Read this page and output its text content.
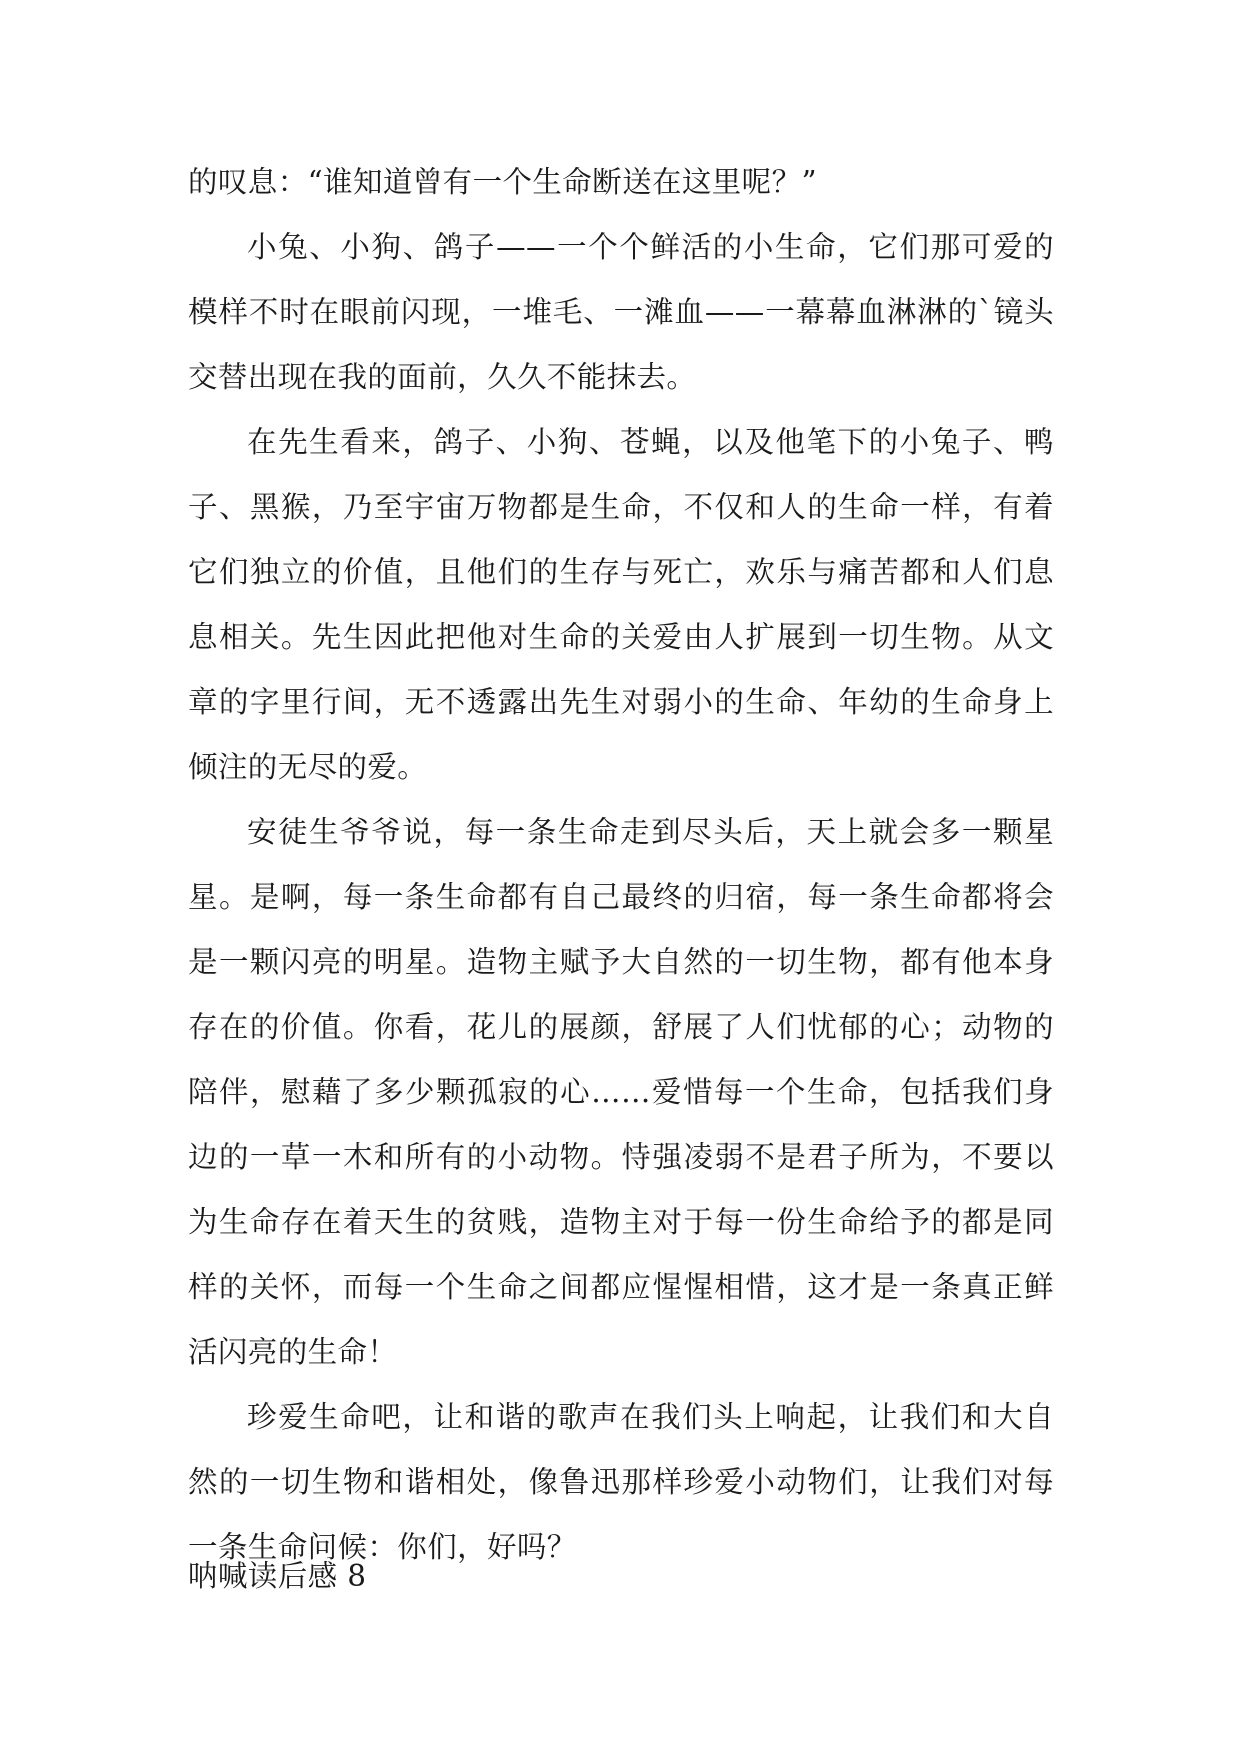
的叹息：“谁知道曾有一个生命断送在这里呢？”

小兔、小狗、鸽子——一个个鲜活的小生命，它们那可爱的模样不时在眼前闪现，一堆毛、一滩血——一幕幕血淋淋的`镜头交替出现在我的面前，久久不能抹去。

在先生看来，鸽子、小狗、苍蝇，以及他笔下的小兔子、鸭子、黑猴，乃至宇宙万物都是生命，不仅和人的生命一样，有着它们独立的价值，且他们的生存与死亡，欢乐与痛苦都和人们息息相关。先生因此把他对生命的关爱由人扩展到一切生物。从文章的字里行间，无不透露出先生对弱小的生命、年幼的生命身上倾注的无尽的爱。

安徒生爷爷说，每一条生命走到尽头后，天上就会多一颗星星。是啊，每一条生命都有自己最终的归宿，每一条生命都将会是一颗闪亮的明星。造物主赋予大自然的一切生物，都有他本身存在的价值。你看，花儿的展颜，舒展了人们忧郁的心；动物的陪伴，慰藉了多少颗孤寂的心……爱惜每一个生命，包括我们身边的一草一木和所有的小动物。恃强凌弱不是君子所为，不要以为生命存在着天生的贫贱，造物主对于每一份生命给予的都是同样的关怀，而每一个生命之间都应惺惺相惜，这才是一条真正鲜活闪亮的生命！

珍爱生命吧，让和谐的歌声在我们头上响起，让我们和大自然的一切生物和谐相处，像鲁迅那样珍爱小动物们，让我们对每一条生命问候：你们，好吗？

呐喊读后感 8
